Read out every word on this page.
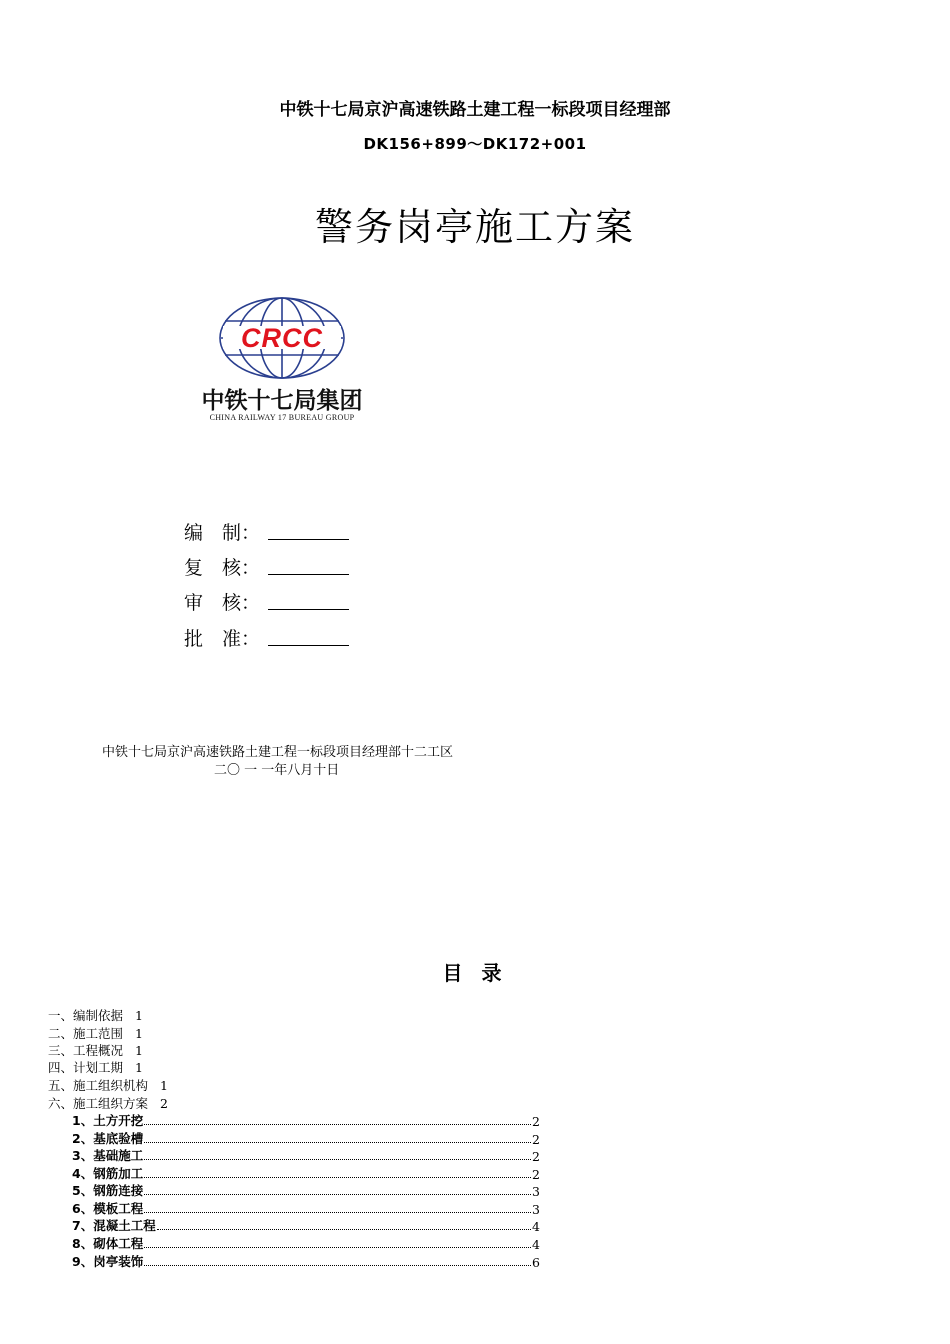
中铁十七局京沪高速铁路土建工程一标段项目经理部
DK156+899～DK172+001
警务岗亭施工方案
CRCC
中铁十七局集团
CHINA RAILWAY 17 BUREAU GROUP
编　制：
复　核：
审　核：
批　准：
中铁十七局京沪高速铁路土建工程一标段项目经理部十二工区
二〇 一 一年八月十日
目 录
一、编制依据 1
二、施工范围 1
三、工程概况 1
四、计划工期 1
五、施工组织机构 1
六、施工组织方案 2
1、土方开挖	2
2、基底验槽	2
3、基础施工	2
4、钢筋加工	2
5、钢筋连接	3
6、模板工程	3
7、混凝土工程	4
8、砌体工程	4
9、岗亭装饰	6
